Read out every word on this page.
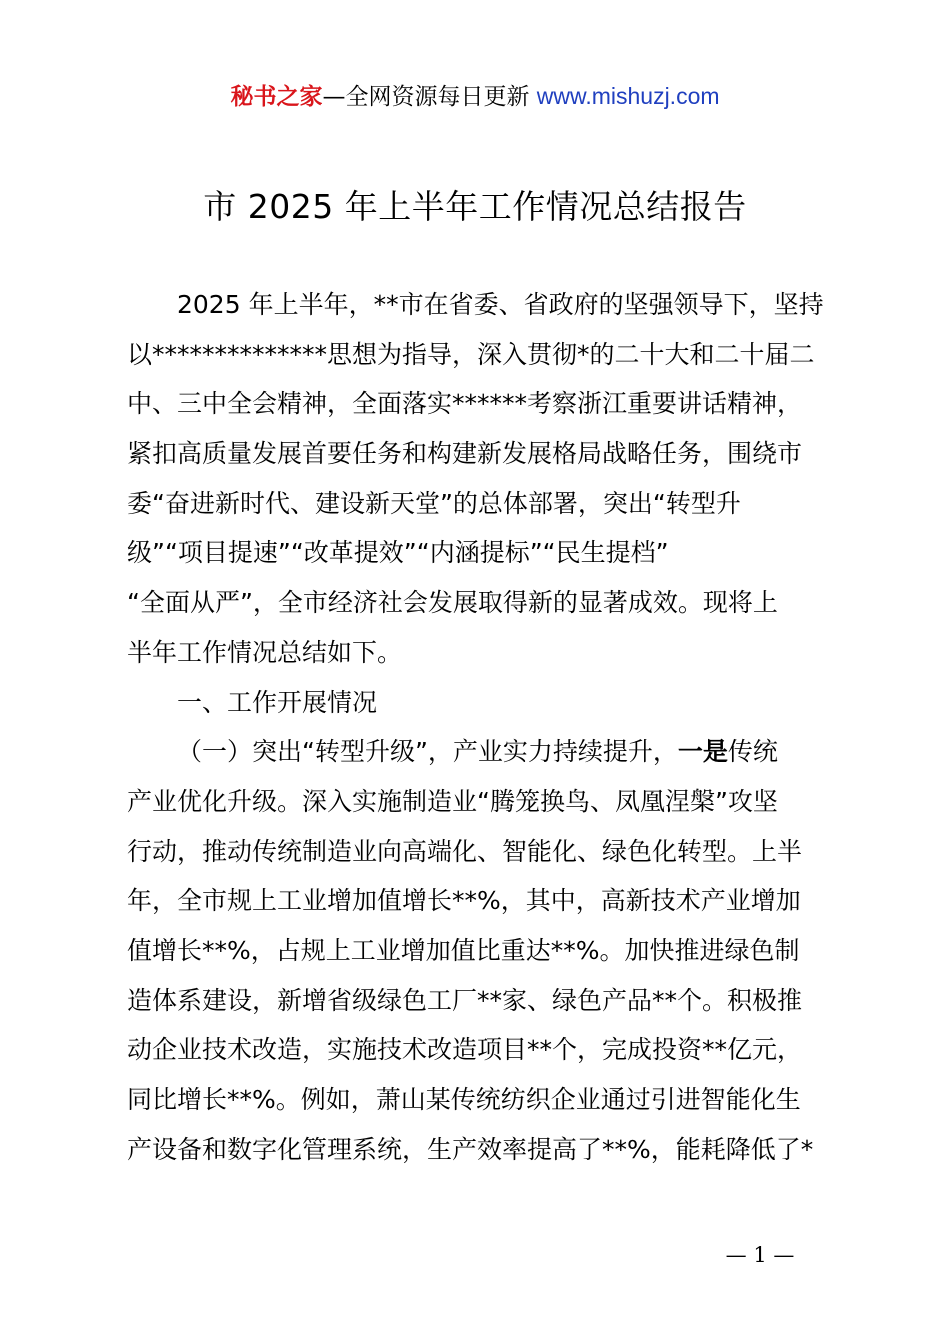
秘书之家—全网资源每日更新 www.mishuzj.com
市 2025 年上半年工作情况总结报告
2025 年上半年，**市在省委、省政府的坚强领导下，坚持
以**************思想为指导，深入贯彻*的二十大和二十届二
中、三中全会精神，全面落实******考察浙江重要讲话精神，
紧扣高质量发展首要任务和构建新发展格局战略任务，围绕市
委“奋进新时代、建设新天堂”的总体部署，突出“转型升
级”“项目提速”“改革提效”“内涵提标”“民生提档”
“全面从严”，全市经济社会发展取得新的显著成效。现将上
半年工作情况总结如下。
一、工作开展情况
（一）突出“转型升级”，产业实力持续提升，一是传统
产业优化升级。深入实施制造业“腾笼换鸟、凤凰涅槃”攻坚
行动，推动传统制造业向高端化、智能化、绿色化转型。上半
年，全市规上工业增加值增长**%，其中，高新技术产业增加
值增长**%，占规上工业增加值比重达**%。加快推进绿色制
造体系建设，新增省级绿色工厂**家、绿色产品**个。积极推
动企业技术改造，实施技术改造项目**个，完成投资**亿元，
同比增长**%。例如，萧山某传统纺织企业通过引进智能化生
产设备和数字化管理系统，生产效率提高了**%，能耗降低了*
— 1 —
